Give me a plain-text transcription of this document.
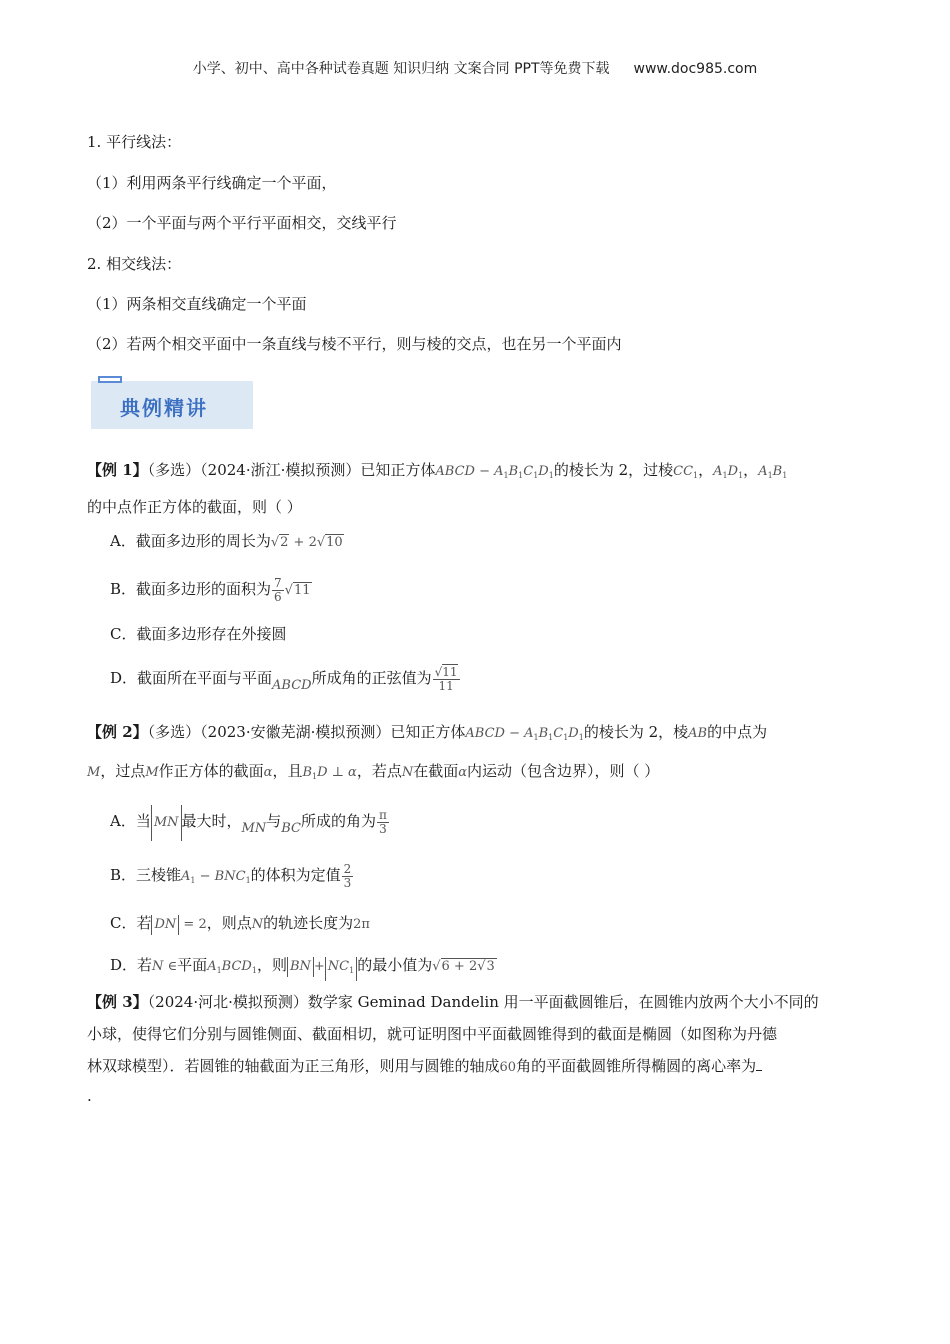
小学、初中、高中各种试卷真题 知识归纳 文案合同 PPT等免费下载 www.doc985.com
1. 平行线法：
（1）利用两条平行线确定一个平面，
（2）一个平面与两个平行平面相交，交线平行
2. 相交线法：
（1）两条相交直线确定一个平面
（2）若两个相交平面中一条直线与棱不平行，则与棱的交点，也在另一个平面内
典例精讲
【例 1】（多选）（2024·浙江·模拟预测）已知正方体ABCD − $A_1B_1C_1D_1$的棱长为 2，过棱$CC_1$，$A_1D_1$，$A_1B_1$
的中点作正方体的截面，则（ ）
A．截面多边形的周长为√2 + 2√10
B．截面多边形的面积为 $\frac{7}{6} √11$
C．截面多边形存在外接圆
D．截面所在平面与平面ABCD所成角的正弦值为 $\frac{√11}{11}$
【例 2】（多选）（2023·安徽芜湖·模拟预测）已知正方体ABCD − $A_1B_1C_1D_1$的棱长为 2，棱AB的中点为
M，过点M作正方体的截面α，且$B_1D$ ⊥ α，若点N在截面α内运动（包含边界），则（ ）
A．当 MN 最大时，MN与BC所成的角为 $\frac{\pi}{3}$
B．三棱锥$A_1 - BNC_1$的体积为定值 $\frac{2}{3}$
C．若 DN = 2，则点N的轨迹长度为2π
D．若N ∈平面$A_1BCD_1$，则 BN + $NC_1$ 的最小值为√6 + 2√3
【例 3】（2024·河北·模拟预测）数学家 Geminad Dandelin 用一平面截圆锥后，在圆锥内放两个大小不同的
小球，使得它们分别与圆锥侧面、截面相切，就可证明图中平面截圆锥得到的截面是椭圆（如图称为丹德
林双球模型）．若圆锥的轴截面为正三角形，则用与圆锥的轴成60角的平面截圆锥所得椭圆的离心率为
.
